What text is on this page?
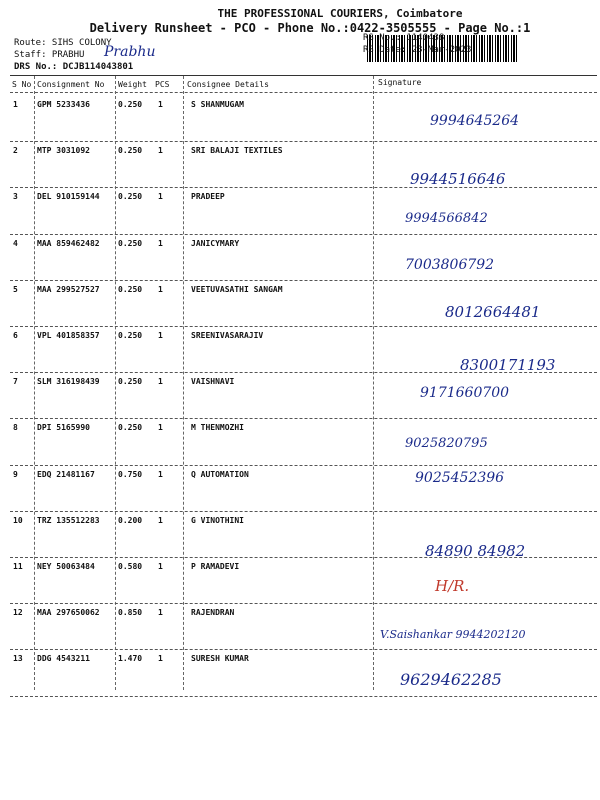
THE PROFESSIONAL COURIERS, Coimbatore
Delivery Runsheet - PCO - Phone No.:0422-3505555 - Page No.:1
Route: SIHS COLONY
Staff: PRABHU Prabhu
DRS No.: DCJB114043801
RS No.: 1140438
RS Date: 23-Mar-2023
S No Consignment No Weight PCS Consignee Details	Signature
1 GPM 5233436	0.250 1	S SHANMUGAM
9994645264
2 MTP 3031092	0.250 1	SRI BALAJI TEXTILES
9944516646
3 DEL 910159144 0.250 1	PRADEEP
9994566842
4 MAA 859462482 0.250 1	JANICYMARY
7003806792
5 MAA 299527527 0.250 1	VEETUVASATHI SANGAM
8012664481
6 VPL 401858357 0.250 1	SREENIVASARAJIV
8300171193
7 SLM 316198439 0.250 1	VAISHNAVI
9171660700
8 DPI 5165990	0.250 1	M THENMOZHI
9025820795
9 EDQ 21481167	0.750 1	Q AUTOMATION	9025452396
10 TRZ 135512283 0.200 1	G VINOTHINI
84890 84982
11 NEY 50063484	0.580 1	P RAMADEVI
H/R.
12 MAA 297650062 0.850 1	RAJENDRAN
V.Saishankar 9944202120
13 DDG 4543211	1.470 1	SURESH KUMAR
9629462285
